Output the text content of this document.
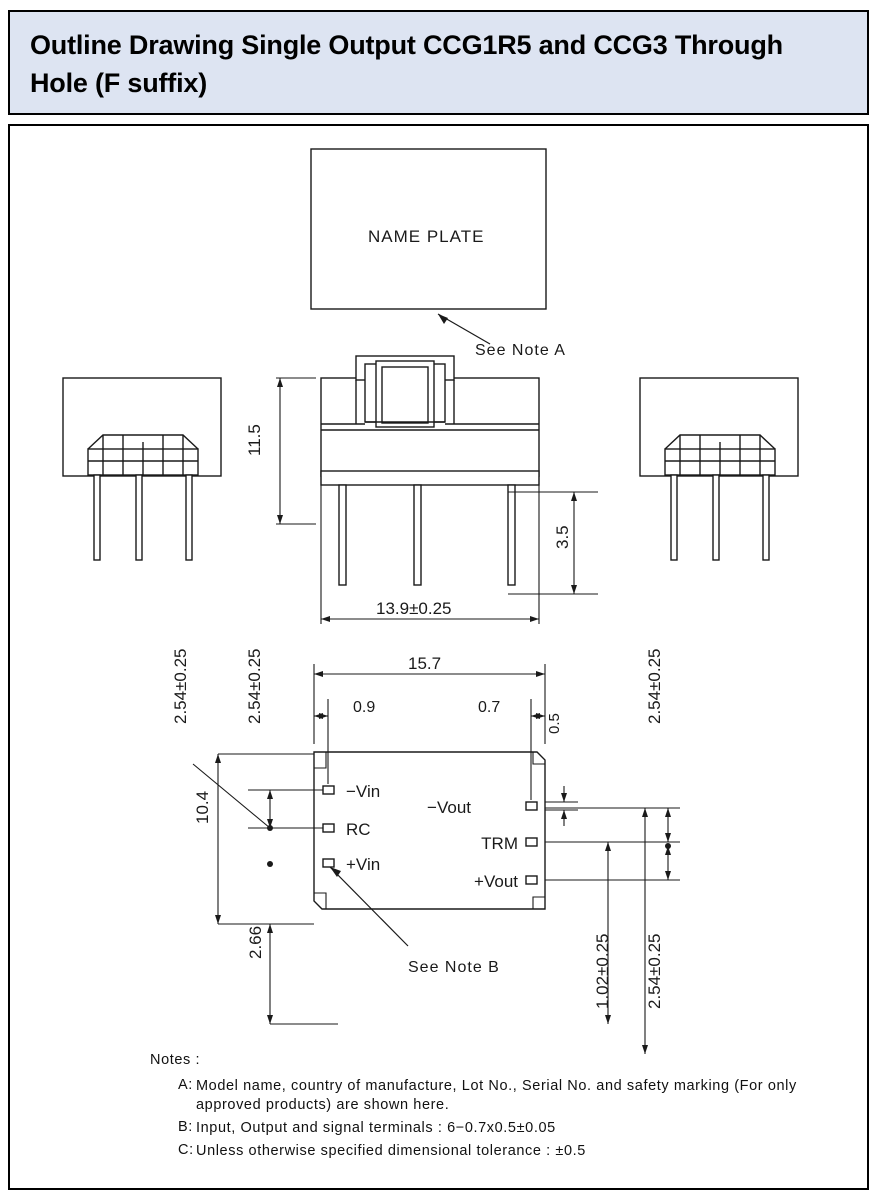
Outline Drawing Single Output CCG1R5 and CCG3 Through Hole (F suffix)
NAME PLATE
See Note A
See Note B
11.5
3.5
13.9±0.25
15.7
0.9	0.7
0.5
10.4
2.66
2.54±0.25	2.54±0.25	2.54±0.25
1.02±0.25 2.54±0.25
−Vin
RC
+Vin
−Vout
TRM
+Vout
Notes :
A: Model name, country of manufacture, Lot No., Serial No. and safety marking (For only approved products) are shown here.
B: Input, Output and signal terminals : 6−0.7x0.5±0.05
C: Unless otherwise specified dimensional tolerance : ±0.5
